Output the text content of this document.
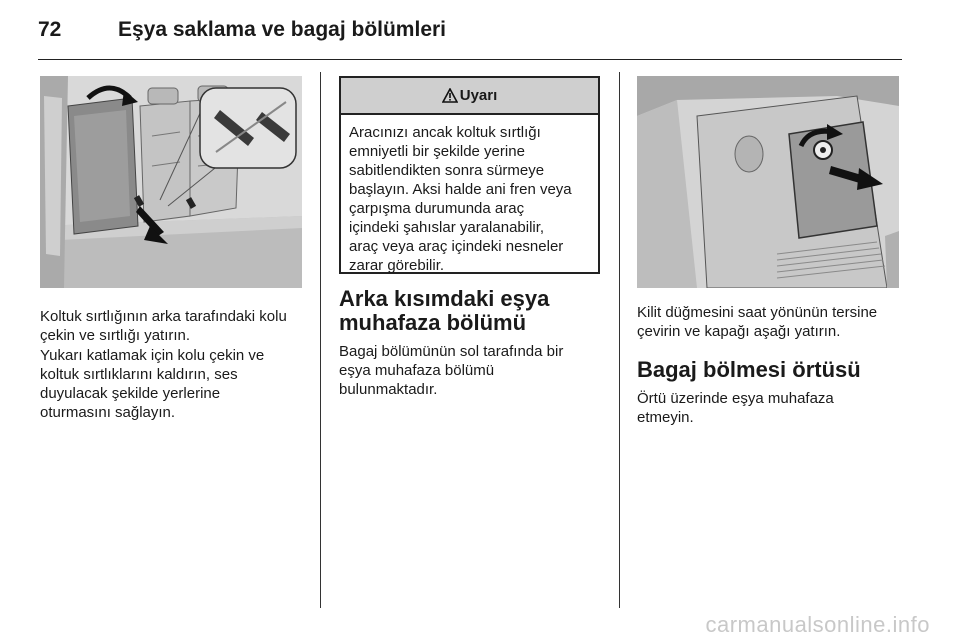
72	Eşya saklama ve bagaj bölümleri

Koltuk sırtlığının arka tarafındaki kolu
çekin ve sırtlığı yatırın.

Yukarı katlamak için kolu çekin ve
koltuk sırtlıklarını kaldırın, ses
duyulacak şekilde yerlerine
oturmasını sağlayın.

Uyarı
Aracınızı ancak koltuk sırtlığı
emniyetli bir şekilde yerine
sabitlendikten sonra sürmeye
başlayın. Aksi halde ani fren veya
çarpışma durumunda araç
içindeki şahıslar yaralanabilir,
araç veya araç içindeki nesneler
zarar görebilir.
Arka kısımdaki eşya
muhafaza bölümü

Bagaj bölümünün sol tarafında bir
eşya muhafaza bölümü
bulunmaktadır.

Kilit düğmesini saat yönünün tersine
çevirin ve kapağı aşağı yatırın.

Bagaj bölmesi örtüsü

Örtü üzerinde eşya muhafaza
etmeyin.

carmanualsonline.info
